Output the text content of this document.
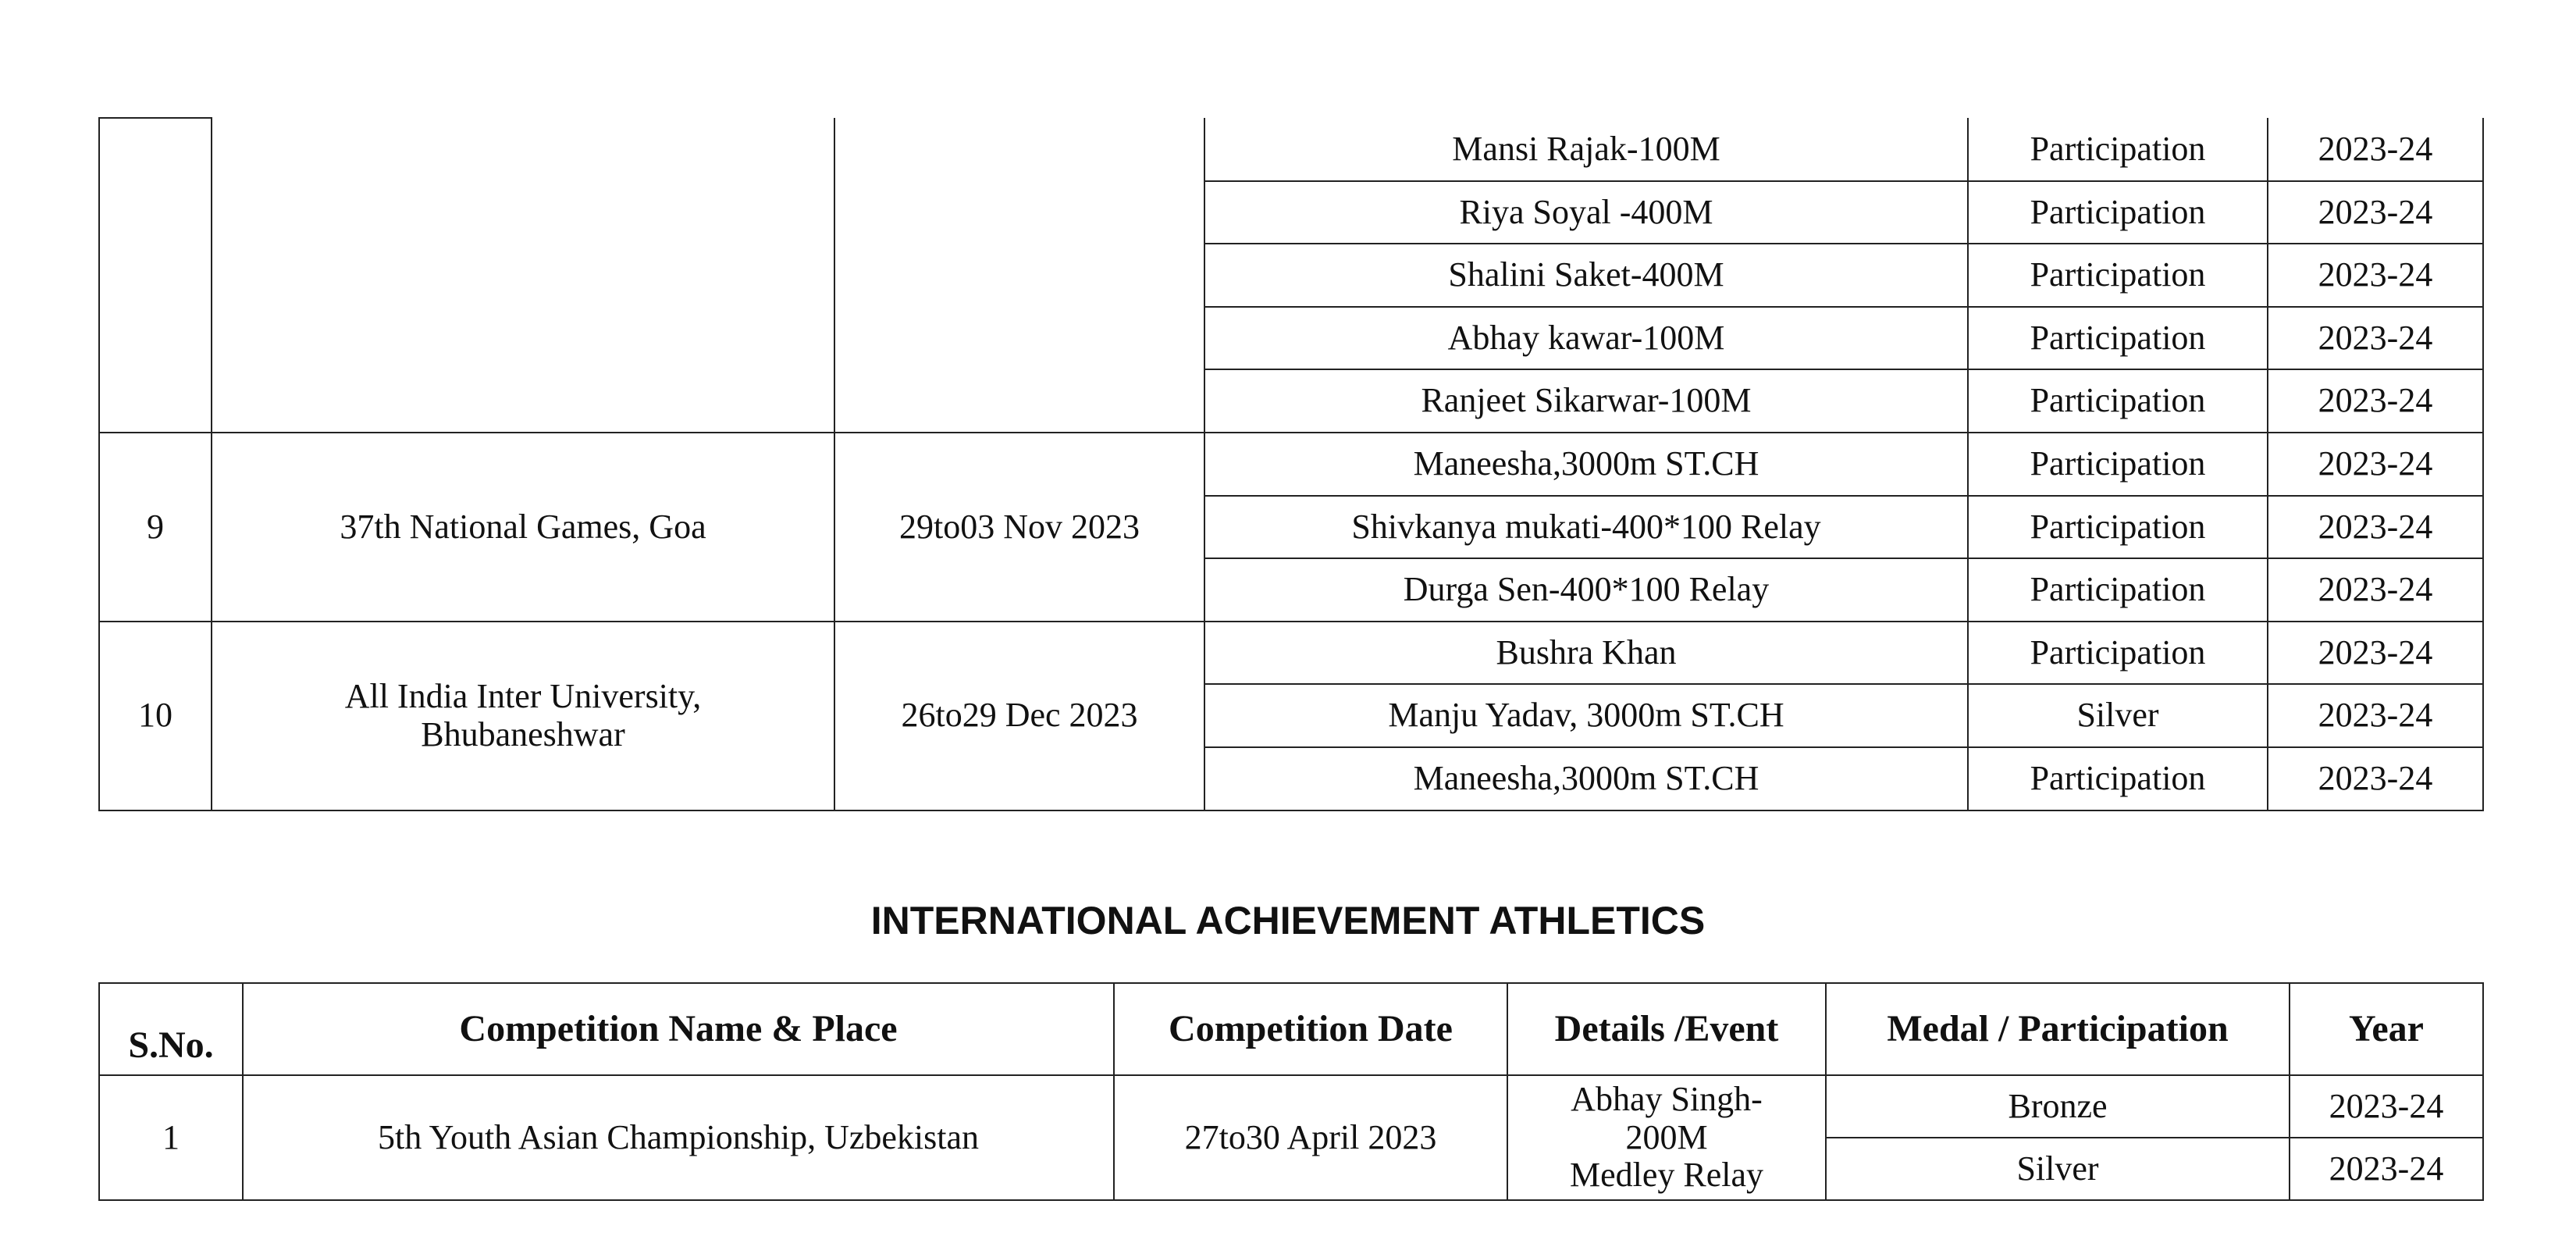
			Mansi Rajak-100M	Participation	2023-24
			Riya Soyal -400M	Participation	2023-24
			Shalini Saket-400M	Participation	2023-24
			Abhay kawar-100M	Participation	2023-24
			Ranjeet Sikarwar-100M	Participation	2023-24
9	37th National Games, Goa	29to03 Nov 2023	Maneesha,3000m ST.CH	Participation	2023-24
			Shivkanya mukati-400*100 Relay	Participation	2023-24
			Durga Sen-400*100 Relay	Participation	2023-24
10	All India Inter University,
Bhubaneshwar	26to29 Dec 2023	Bushra Khan	Participation	2023-24
			Manju Yadav, 3000m ST.CH	Silver	2023-24
			Maneesha,3000m ST.CH	Participation	2023-24
INTERNATIONAL ACHIEVEMENT ATHLETICS
S.No.	Competition Name & Place	Competition Date	Details /Event	Medal / Participation	Year
1	5th Youth Asian Championship, Uzbekistan	27to30 April 2023	Abhay Singh-
200M
Medley Relay	Bronze	2023-24
				Silver	2023-24
